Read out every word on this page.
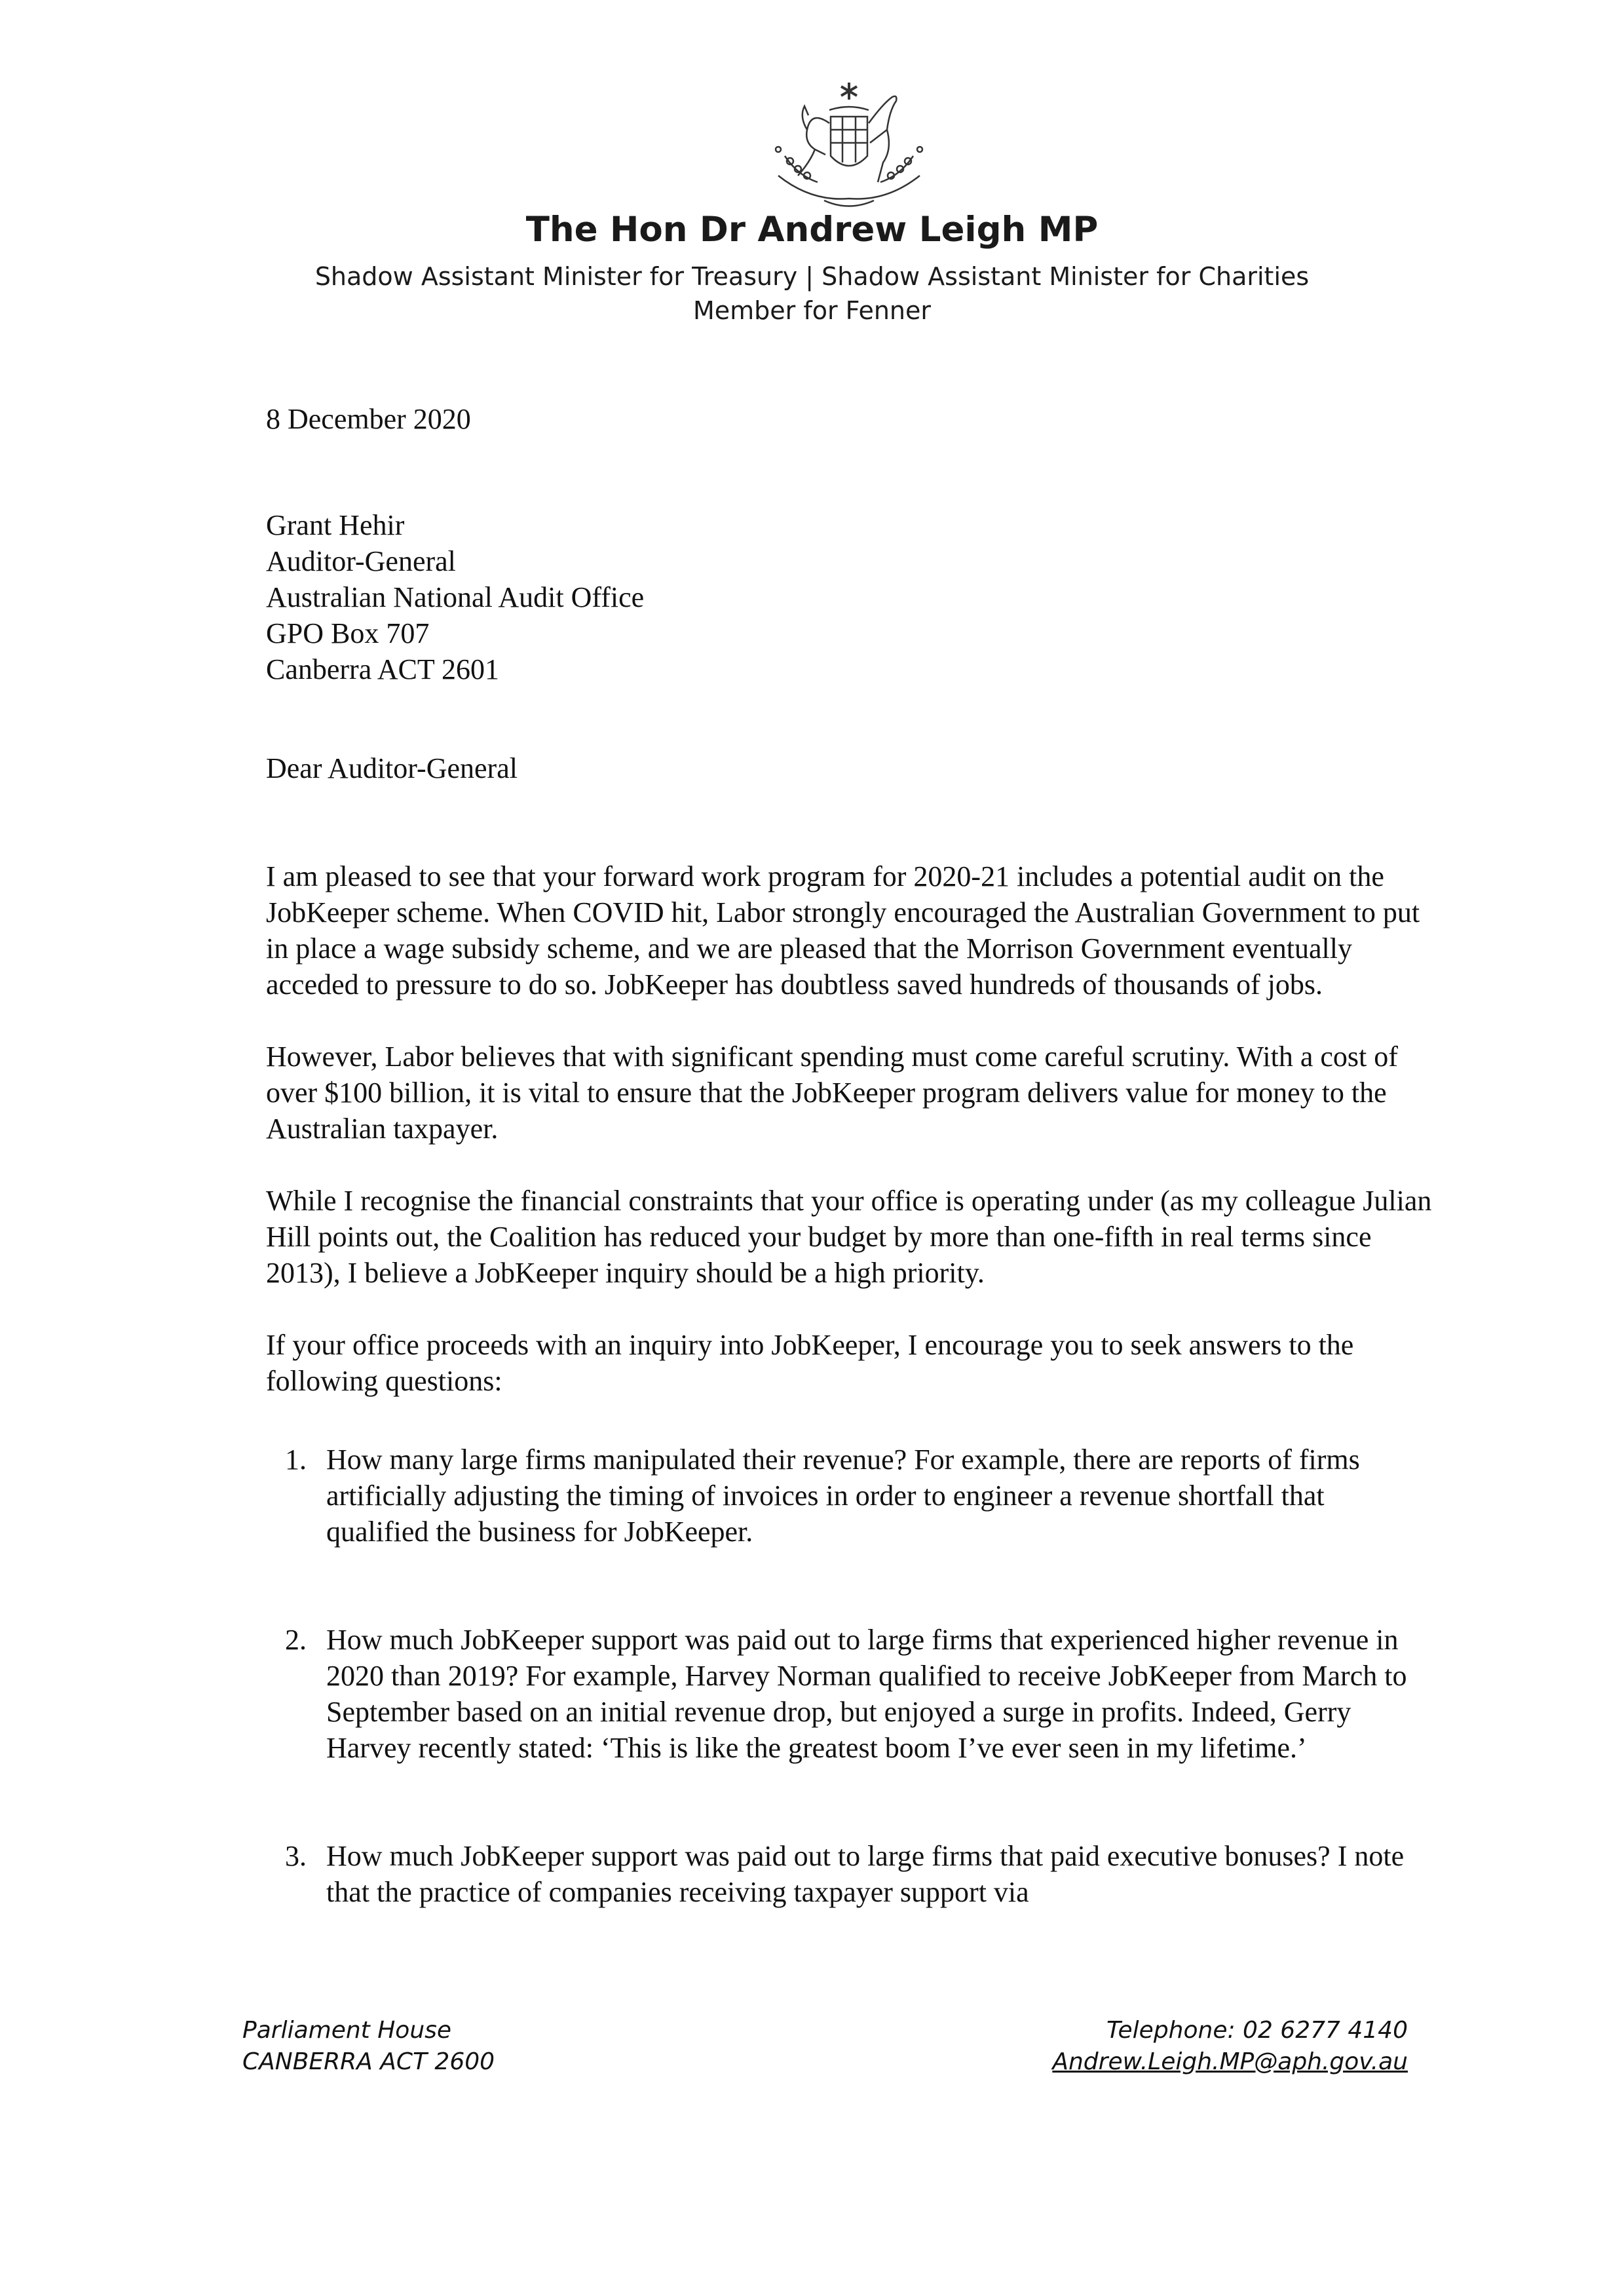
The Hon Dr Andrew Leigh MP
Shadow Assistant Minister for Treasury | Shadow Assistant Minister for Charities
Member for Fenner
8 December 2020
Grant Hehir
Auditor-General
Australian National Audit Office
GPO Box 707
Canberra ACT 2601
Dear Auditor-General
I am pleased to see that your forward work program for 2020-21 includes a potential audit on the JobKeeper scheme. When COVID hit, Labor strongly encouraged the Australian Government to put in place a wage subsidy scheme, and we are pleased that the Morrison Government eventually acceded to pressure to do so. JobKeeper has doubtless saved hundreds of thousands of jobs.
However, Labor believes that with significant spending must come careful scrutiny. With a cost of over $100 billion, it is vital to ensure that the JobKeeper program delivers value for money to the Australian taxpayer.
While I recognise the financial constraints that your office is operating under (as my colleague Julian Hill points out, the Coalition has reduced your budget by more than one-fifth in real terms since 2013), I believe a JobKeeper inquiry should be a high priority.
If your office proceeds with an inquiry into JobKeeper, I encourage you to seek answers to the following questions:
1. How many large firms manipulated their revenue? For example, there are reports of firms artificially adjusting the timing of invoices in order to engineer a revenue shortfall that qualified the business for JobKeeper.
2. How much JobKeeper support was paid out to large firms that experienced higher revenue in 2020 than 2019? For example, Harvey Norman qualified to receive JobKeeper from March to September based on an initial revenue drop, but enjoyed a surge in profits. Indeed, Gerry Harvey recently stated: ‘This is like the greatest boom I’ve ever seen in my lifetime.’
3. How much JobKeeper support was paid out to large firms that paid executive bonuses? I note that the practice of companies receiving taxpayer support via
Parliament House
CANBERRA ACT 2600
Telephone: 02 6277 4140
Andrew.Leigh.MP@aph.gov.au
